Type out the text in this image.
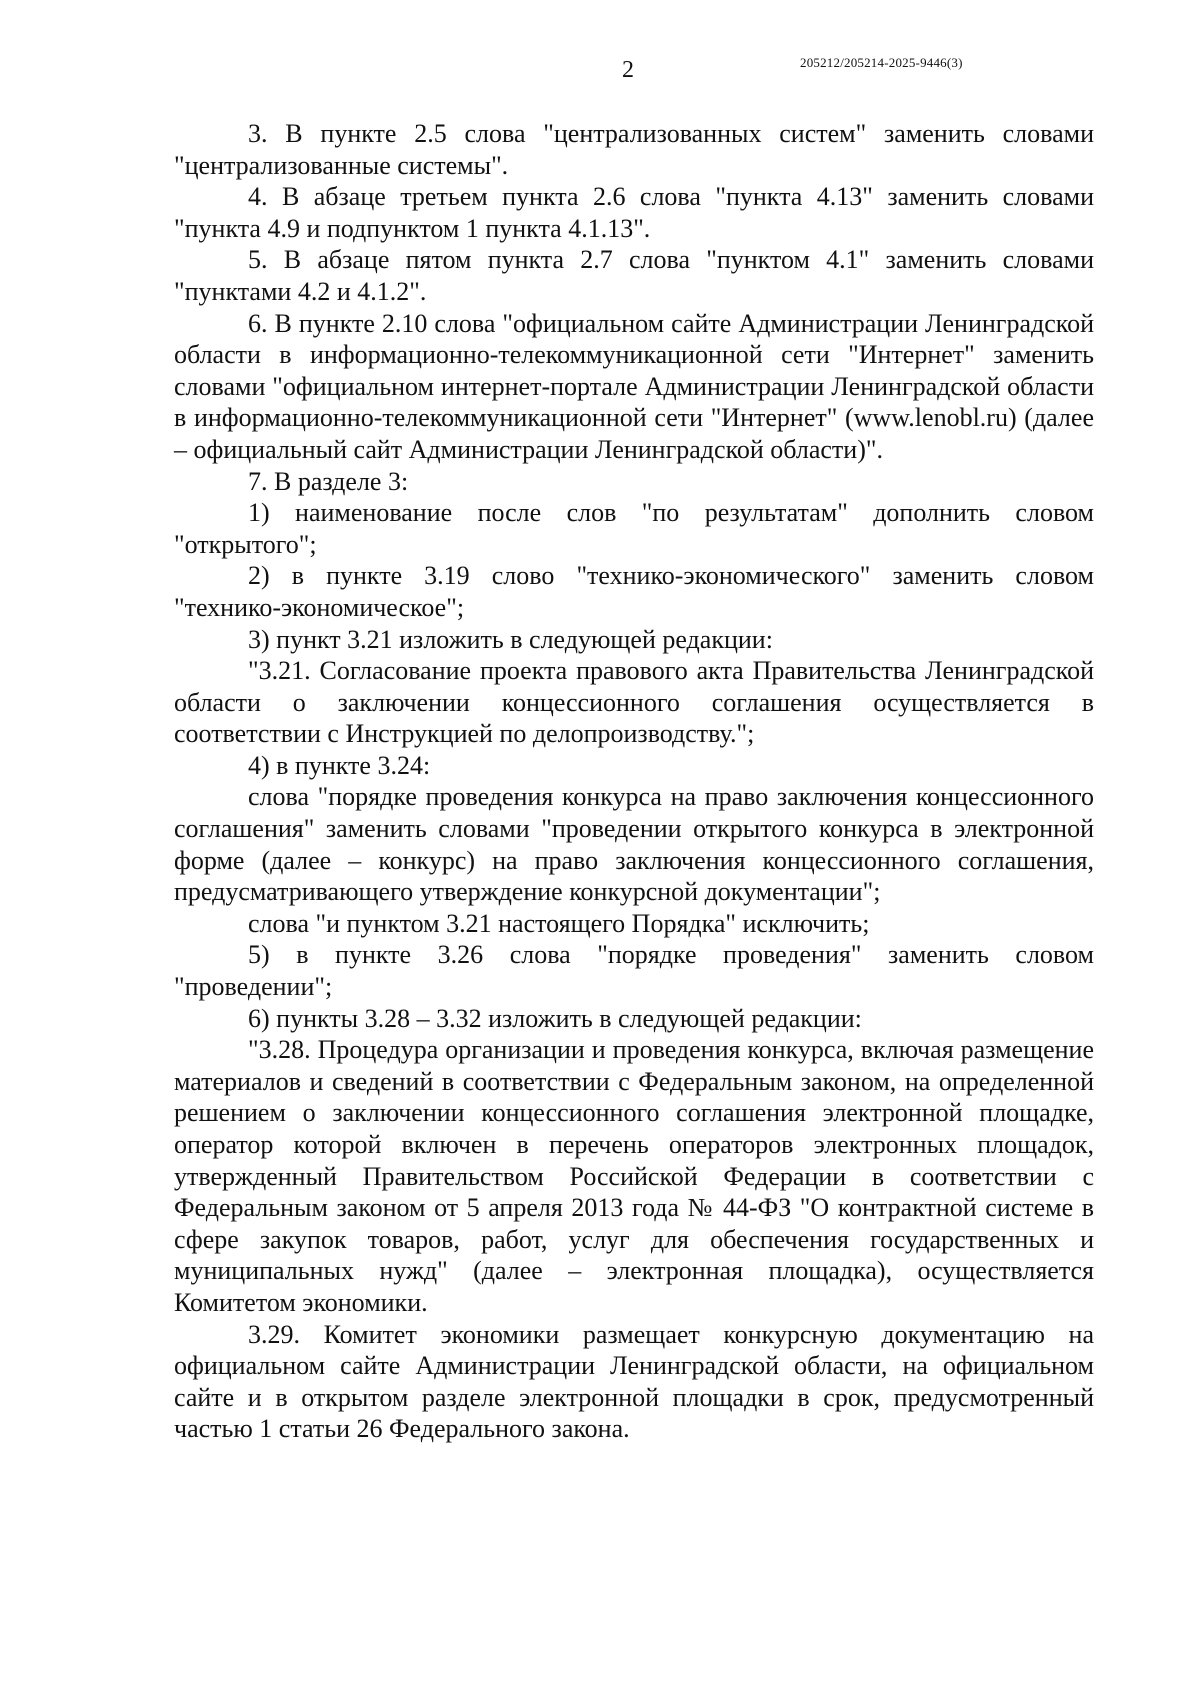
2	205212/205214-2025-9446(3)

3. В пункте 2.5 слова "централизованных систем" заменить словами "централизованные системы".

4. В абзаце третьем пункта 2.6 слова "пункта 4.13" заменить словами "пункта 4.9 и подпунктом 1 пункта 4.1.13".

5. В абзаце пятом пункта 2.7 слова "пунктом 4.1" заменить словами "пунктами 4.2 и 4.1.2".

6. В пункте 2.10 слова "официальном сайте Администрации Ленинградской области в информационно-телекоммуникационной сети "Интернет" заменить словами "официальном интернет-портале Администрации Ленинградской области в информационно-телекоммуникационной сети "Интернет" (www.lenobl.ru) (далее – официальный сайт Администрации Ленинградской области)".

7. В разделе 3:

1) наименование после слов "по результатам" дополнить словом "открытого";

2) в пункте 3.19 слово "технико-экономического" заменить словом "технико-экономическое";

3) пункт 3.21 изложить в следующей редакции:

"3.21. Согласование проекта правового акта Правительства Ленинградской области о заключении концессионного соглашения осуществляется в соответствии с Инструкцией по делопроизводству.";

4) в пункте 3.24:

слова "порядке проведения конкурса на право заключения концессионного соглашения" заменить словами "проведении открытого конкурса в электронной форме (далее – конкурс) на право заключения концессионного соглашения, предусматривающего утверждение конкурсной документации";

слова "и пунктом 3.21 настоящего Порядка" исключить;

5) в пункте 3.26 слова "порядке проведения" заменить словом "проведении";

6) пункты 3.28 – 3.32 изложить в следующей редакции:

"3.28. Процедура организации и проведения конкурса, включая размещение материалов и сведений в соответствии с Федеральным законом, на определенной решением о заключении концессионного соглашения электронной площадке, оператор которой включен в перечень операторов электронных площадок, утвержденный Правительством Российской Федерации в соответствии с Федеральным законом от 5 апреля 2013 года № 44-ФЗ "О контрактной системе в сфере закупок товаров, работ, услуг для обеспечения государственных и муниципальных нужд" (далее – электронная площадка), осуществляется Комитетом экономики.

3.29. Комитет экономики размещает конкурсную документацию на официальном сайте Администрации Ленинградской области, на официальном сайте и в открытом разделе электронной площадки в срок, предусмотренный частью 1 статьи 26 Федерального закона.
